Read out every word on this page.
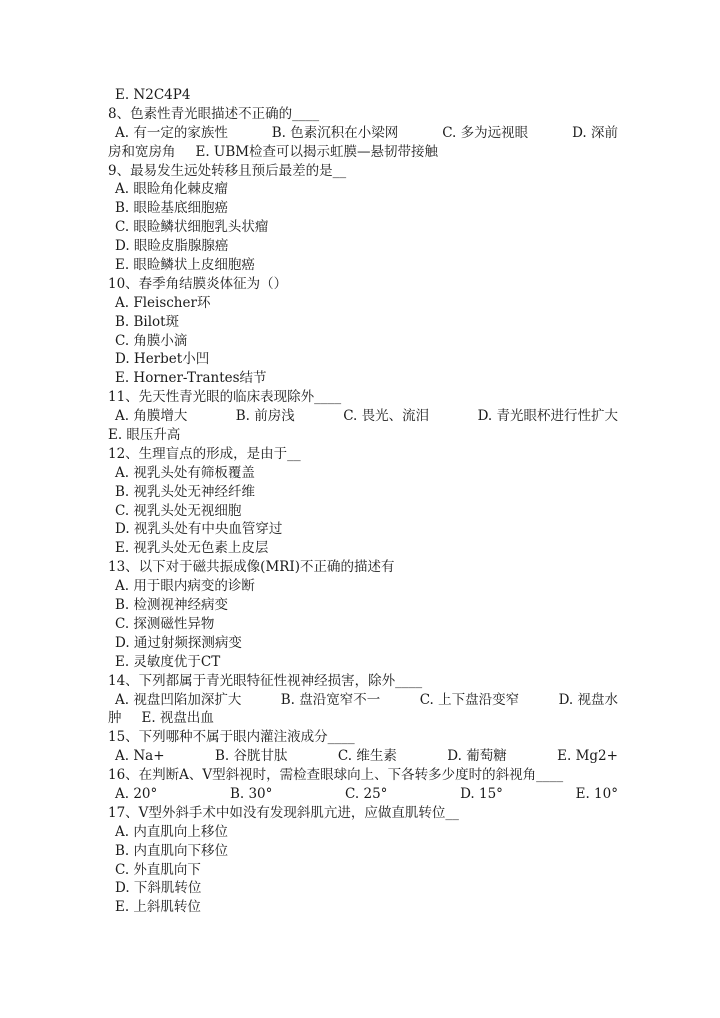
E. N2C4P4
8、色素性青光眼描述不正确的____
A. 有一定的家族性	B. 色素沉积在小梁网	C. 多为远视眼	D. 深前
房和宽房角 E. UBM检查可以揭示虹膜—悬韧带接触
9、最易发生远处转移且预后最差的是__
A. 眼睑角化棘皮瘤
B. 眼睑基底细胞癌
C. 眼睑鳞状细胞乳头状瘤
D. 眼睑皮脂腺腺癌
E. 眼睑鳞状上皮细胞癌
10、春季角结膜炎体征为（）
A. Fleischer环
B. Bilot斑
C. 角膜小滴
D. Herbet小凹
E. Horner-Trantes结节
11、先天性青光眼的临床表现除外____
A. 角膜增大	B. 前房浅	C. 畏光、流泪	D. 青光眼杯进行性扩大
E. 眼压升高
12、生理盲点的形成，是由于__
A. 视乳头处有筛板覆盖
B. 视乳头处无神经纤维
C. 视乳头处无视细胞
D. 视乳头处有中央血管穿过
E. 视乳头处无色素上皮层
13、以下对于磁共振成像(MRI)不正确的描述有
A. 用于眼内病变的诊断
B. 检测视神经病变
C. 探测磁性异物
D. 通过射频探测病变
E. 灵敏度优于CT
14、下列都属于青光眼特征性视神经损害，除外____
A. 视盘凹陷加深扩大	B. 盘沿宽窄不一	C. 上下盘沿变窄	D. 视盘水
肿 E. 视盘出血
15、下列哪种不属于眼内灌注液成分____
A. Na+	B. 谷胱甘肽	C. 维生素	D. 葡萄糖	E. Mg2+
16、在判断A、V型斜视时，需检查眼球向上、下各转多少度时的斜视角____
A. 20°	B. 30°	C. 25°	D. 15°	E. 10°
17、V型外斜手术中如没有发现斜肌亢进，应做直肌转位__
A. 内直肌向上移位
B. 内直肌向下移位
C. 外直肌向下
D. 下斜肌转位
E. 上斜肌转位
